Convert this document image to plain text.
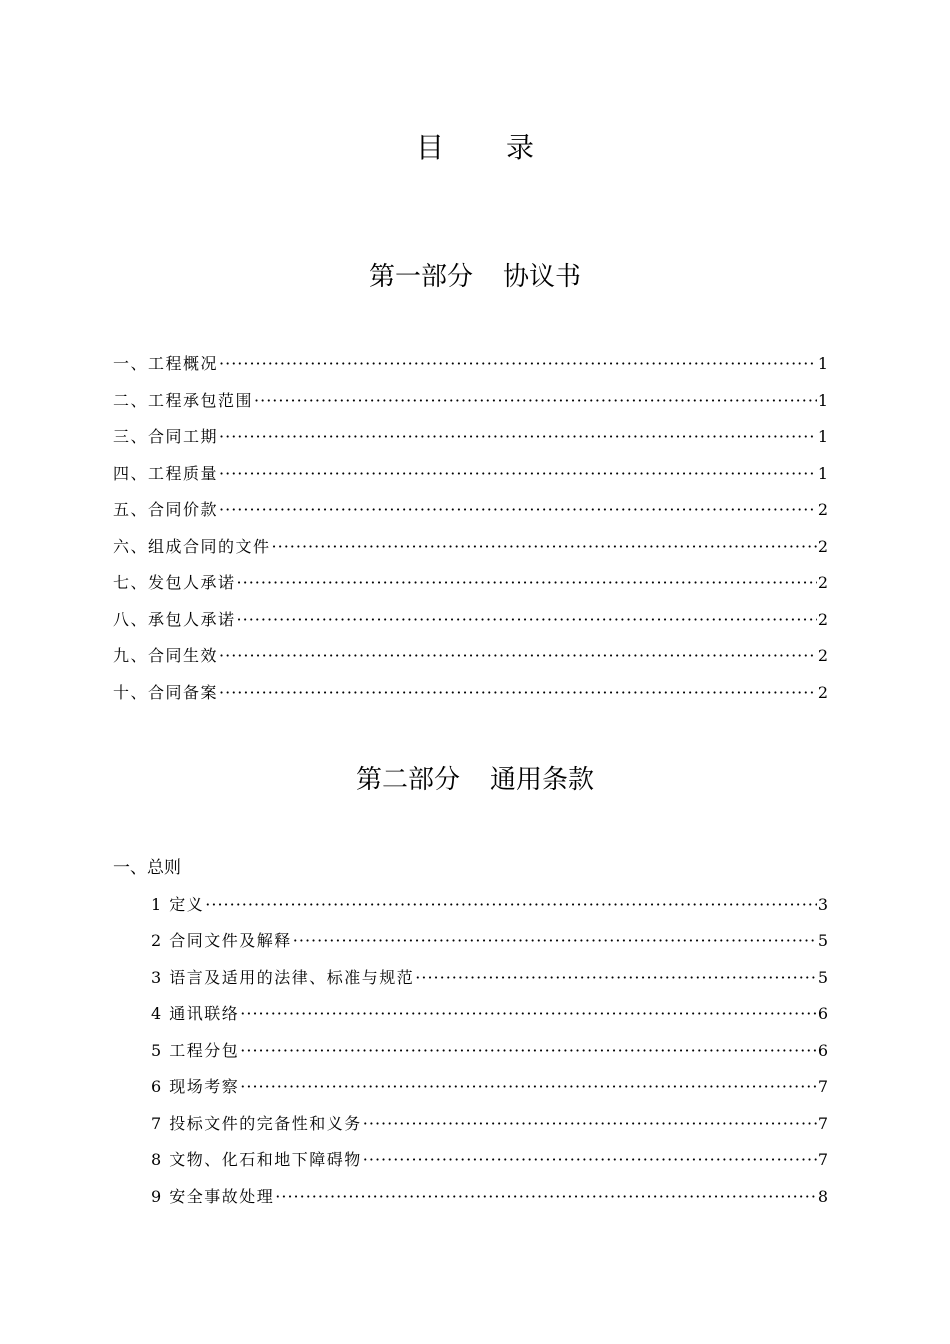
目 录
第一部分 协议书
一、工程概况 ·····	1
二、工程承包范围 ·····	1
三、合同工期 ·····	1
四、工程质量 ·····	1
五、合同价款 ·····	2
六、组成合同的文件 ·····	2
七、发包人承诺 ·····	2
八、承包人承诺 ·····	2
九、合同生效 ·····	2
十、合同备案 ·····	2
第二部分 通用条款
一、总则
1 定义 ·····	3
2 合同文件及解释 ·····	5
3 语言及适用的法律、标准与规范 ·····	5
4 通讯联络 ·····	6
5 工程分包 ·····	6
6 现场考察 ·····	7
7 投标文件的完备性和义务 ·····	7
8 文物、化石和地下障碍物 ·····	7
9 安全事故处理 ·····	8
